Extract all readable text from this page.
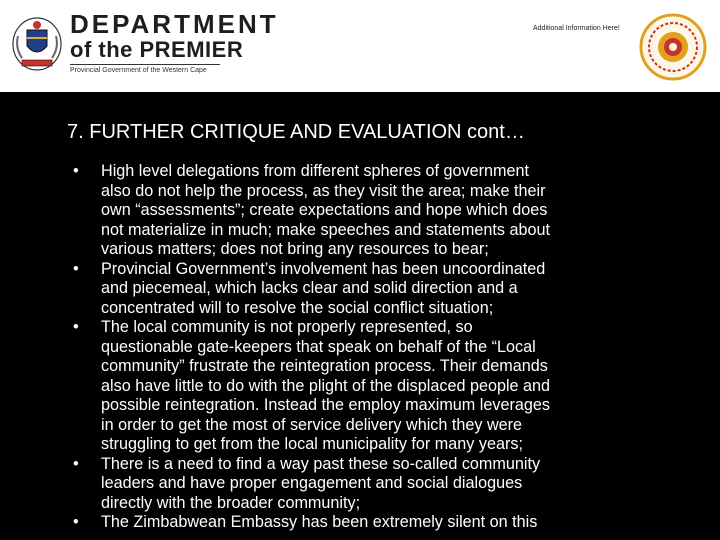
DEPARTMENT
of the PREMIER
Provincial Government of the Western Cape
Additional Information Here!
7. FURTHER CRITIQUE AND EVALUATION cont…
•	High level delegations from different spheres of government
also do not help the process, as they visit the area; make their
own “assessments”; create expectations and hope which does
not materialize in much; make speeches and statements about
various matters; does not bring any resources to bear;
•	Provincial Government’s involvement has been uncoordinated
and piecemeal, which lacks clear and solid direction and a
concentrated will to resolve the social conflict situation;
•	The local community is not properly represented, so
questionable gate-keepers that speak on behalf of the “Local
community” frustrate the reintegration process. Their demands
also have little to do with the plight of the displaced people and
possible reintegration. Instead the employ maximum leverages
in order to get the most of service delivery which they were
struggling to get from the local municipality for many years;
•	There is a need to find a way past these so-called community
leaders and have proper engagement and social dialogues
directly with the broader community;
•	The Zimbabwean Embassy has been extremely silent on this
